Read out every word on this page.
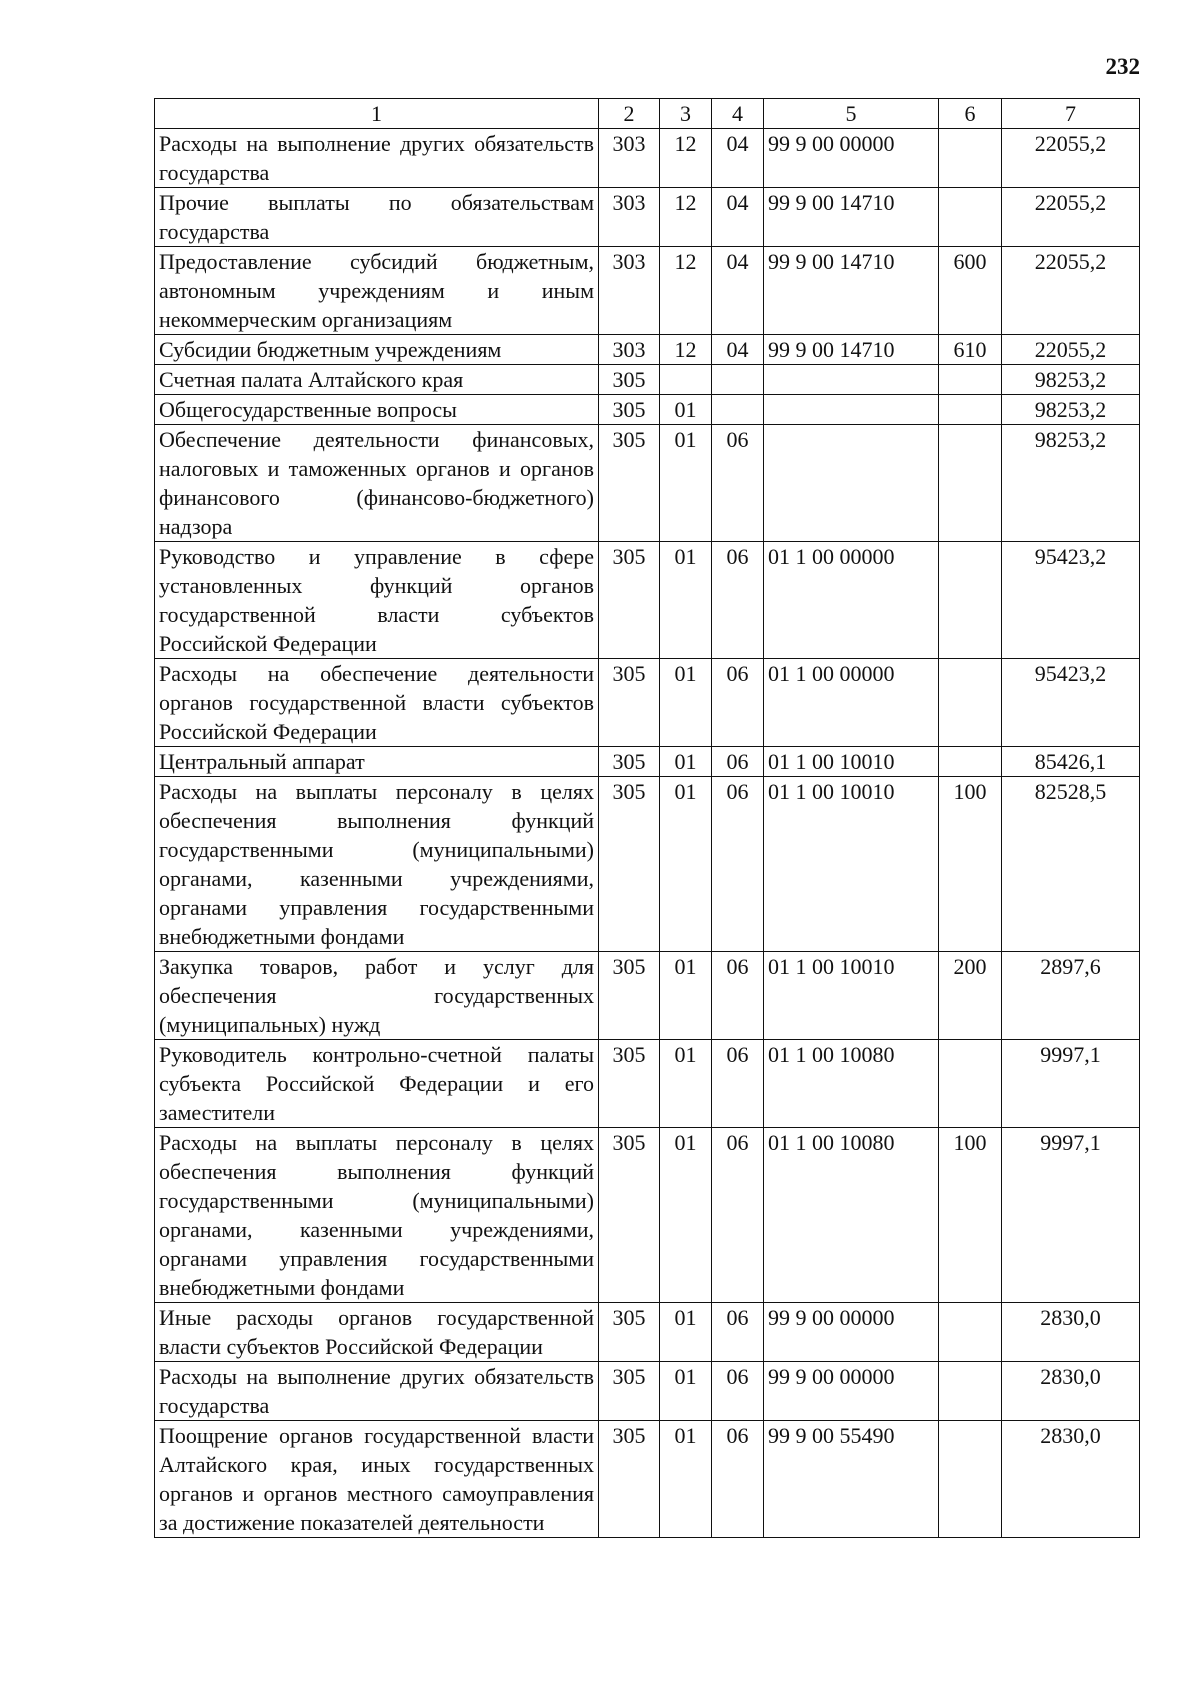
232
1	2	3	4	5	6	7
Расходы на выполнение других обязательств государства	303	12	04	99 9 00 00000		22055,2
Прочие выплаты по обязательствам государства	303	12	04	99 9 00 14710		22055,2
Предоставление субсидий бюджетным, автономным учреждениям и иным некоммерческим организациям	303	12	04	99 9 00 14710	600	22055,2
Субсидии бюджетным учреждениям	303	12	04	99 9 00 14710	610	22055,2
Счетная палата Алтайского края	305					98253,2
Общегосударственные вопросы	305	01				98253,2
Обеспечение деятельности финансовых, налоговых и таможенных органов и органов финансового (финансово-бюджетного) надзора	305	01	06			98253,2
Руководство и управление в сфере установленных функций органов государственной власти субъектов Российской Федерации	305	01	06	01 1 00 00000		95423,2
Расходы на обеспечение деятельности органов государственной власти субъектов Российской Федерации	305	01	06	01 1 00 00000		95423,2
Центральный аппарат	305	01	06	01 1 00 10010		85426,1
Расходы на выплаты персоналу в целях обеспечения выполнения функций государственными (муниципальными) органами, казенными учреждениями, органами управления государственными внебюджетными фондами	305	01	06	01 1 00 10010	100	82528,5
Закупка товаров, работ и услуг для обеспечения государственных (муниципальных) нужд	305	01	06	01 1 00 10010	200	2897,6
Руководитель контрольно-счетной палаты субъекта Российской Федерации и его заместители	305	01	06	01 1 00 10080		9997,1
Расходы на выплаты персоналу в целях обеспечения выполнения функций государственными (муниципальными) органами, казенными учреждениями, органами управления государственными внебюджетными фондами	305	01	06	01 1 00 10080	100	9997,1
Иные расходы органов государственной власти субъектов Российской Федерации	305	01	06	99 9 00 00000		2830,0
Расходы на выполнение других обязательств государства	305	01	06	99 9 00 00000		2830,0
Поощрение органов государственной власти Алтайского края, иных государственных органов и органов местного самоуправления за достижение показателей деятельности	305	01	06	99 9 00 55490		2830,0
